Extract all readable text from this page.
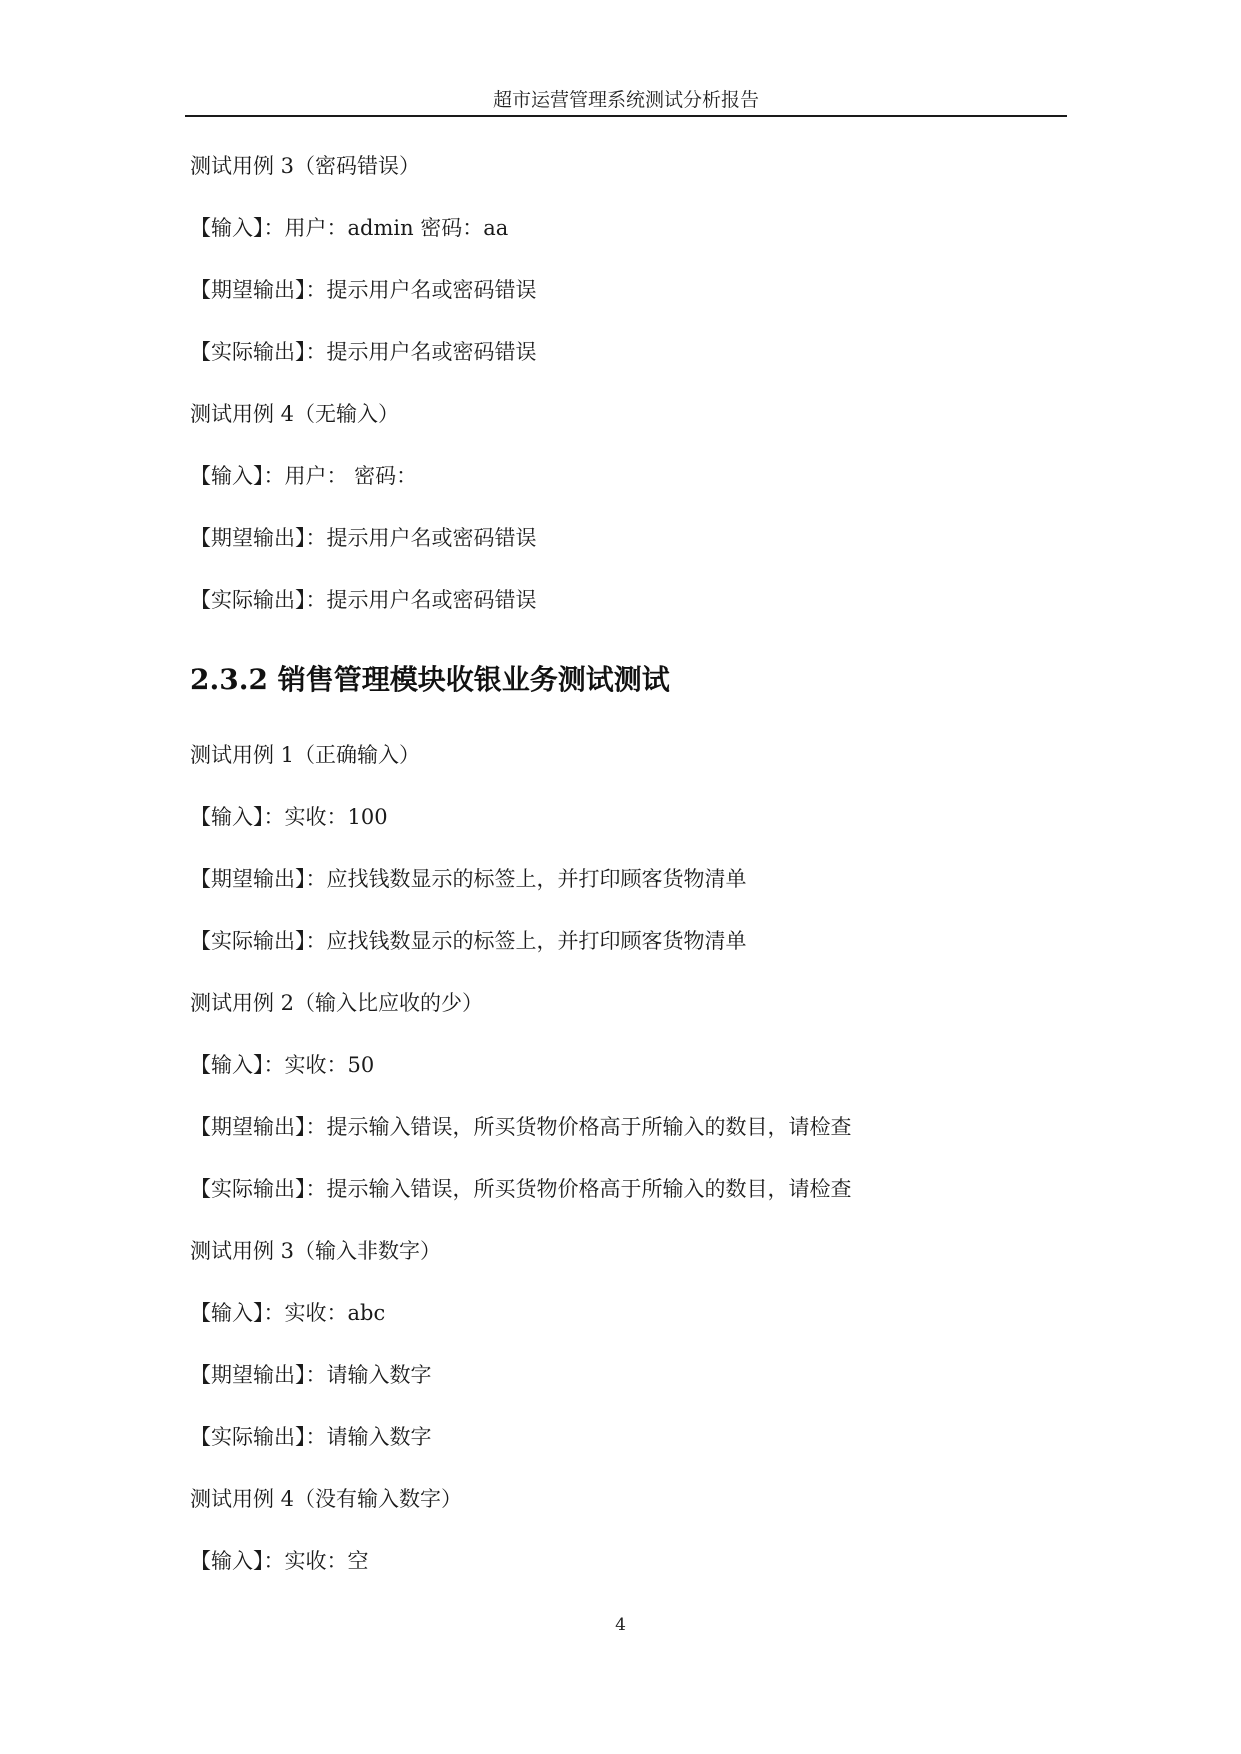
超市运营管理系统测试分析报告
测试用例 3（密码错误）
【输入】：用户：admin 密码：aa
【期望输出】：提示用户名或密码错误
【实际输出】：提示用户名或密码错误
测试用例 4（无输入）
【输入】：用户： 密码：
【期望输出】：提示用户名或密码错误
【实际输出】：提示用户名或密码错误
2.3.2 销售管理模块收银业务测试测试
测试用例 1（正确输入）
【输入】：实收：100
【期望输出】：应找钱数显示的标签上，并打印顾客货物清单
【实际输出】：应找钱数显示的标签上，并打印顾客货物清单
测试用例 2（输入比应收的少）
【输入】：实收：50
【期望输出】：提示输入错误，所买货物价格高于所输入的数目，请检查
【实际输出】：提示输入错误，所买货物价格高于所输入的数目，请检查
测试用例 3（输入非数字）
【输入】：实收：abc
【期望输出】：请输入数字
【实际输出】：请输入数字
测试用例 4（没有输入数字）
【输入】：实收：空
4
